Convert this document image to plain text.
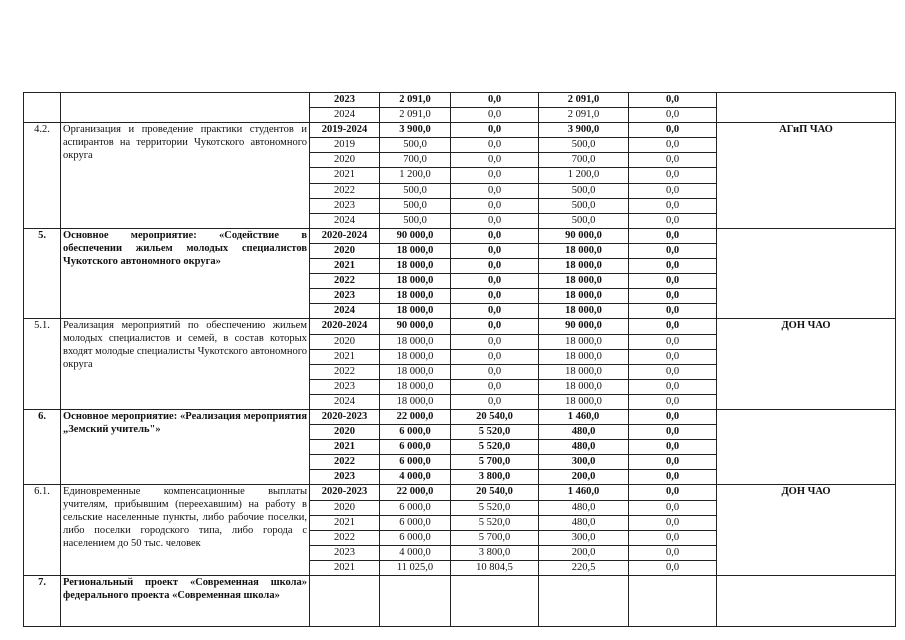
		2023	2 091,0	0,0	2 091,0	0,0	
		2024	2 091,0	0,0	2 091,0	0,0	
4.2.	Организация и проведение практики студентов и аспирантов на территории Чукотского автономного округа	2019-2024	3 900,0	0,0	3 900,0	0,0	АГиП ЧАО
		2019	500,0	0,0	500,0	0,0	
		2020	700,0	0,0	700,0	0,0	
		2021	1 200,0	0,0	1 200,0	0,0	
		2022	500,0	0,0	500,0	0,0	
		2023	500,0	0,0	500,0	0,0	
		2024	500,0	0,0	500,0	0,0	
5.	Основное мероприятие: «Содействие в обеспечении жильем молодых специалистов Чукотского автономного округа»	2020-2024	90 000,0	0,0	90 000,0	0,0	
		2020	18 000,0	0,0	18 000,0	0,0	
		2021	18 000,0	0,0	18 000,0	0,0	
		2022	18 000,0	0,0	18 000,0	0,0	
		2023	18 000,0	0,0	18 000,0	0,0	
		2024	18 000,0	0,0	18 000,0	0,0	
5.1.	Реализация мероприятий по обеспечению жильем молодых специалистов и семей, в состав которых входят молодые специалисты Чукотского автономного округа	2020-2024	90 000,0	0,0	90 000,0	0,0	ДОН ЧАО
		2020	18 000,0	0,0	18 000,0	0,0	
		2021	18 000,0	0,0	18 000,0	0,0	
		2022	18 000,0	0,0	18 000,0	0,0	
		2023	18 000,0	0,0	18 000,0	0,0	
		2024	18 000,0	0,0	18 000,0	0,0	
6.	Основное мероприятие: «Реализация мероприятия „Земский учитель"»	2020-2023	22 000,0	20 540,0	1 460,0	0,0	
		2020	6 000,0	5 520,0	480,0	0,0	
		2021	6 000,0	5 520,0	480,0	0,0	
		2022	6 000,0	5 700,0	300,0	0,0	
		2023	4 000,0	3 800,0	200,0	0,0	
6.1.	Единовременные компенсационные выплаты учителям, прибывшим (переехавшим) на работу в сельские населенные пункты, либо рабочие поселки, либо поселки городского типа, либо города с населением до 50 тыс. человек	2020-2023	22 000,0	20 540,0	1 460,0	0,0	ДОН ЧАО
		2020	6 000,0	5 520,0	480,0	0,0	
		2021	6 000,0	5 520,0	480,0	0,0	
		2022	6 000,0	5 700,0	300,0	0,0	
		2023	4 000,0	3 800,0	200,0	0,0	
		2021	11 025,0	10 804,5	220,5	0,0	
7.	Региональный проект «Современная школа» федерального проекта «Современная школа»						
